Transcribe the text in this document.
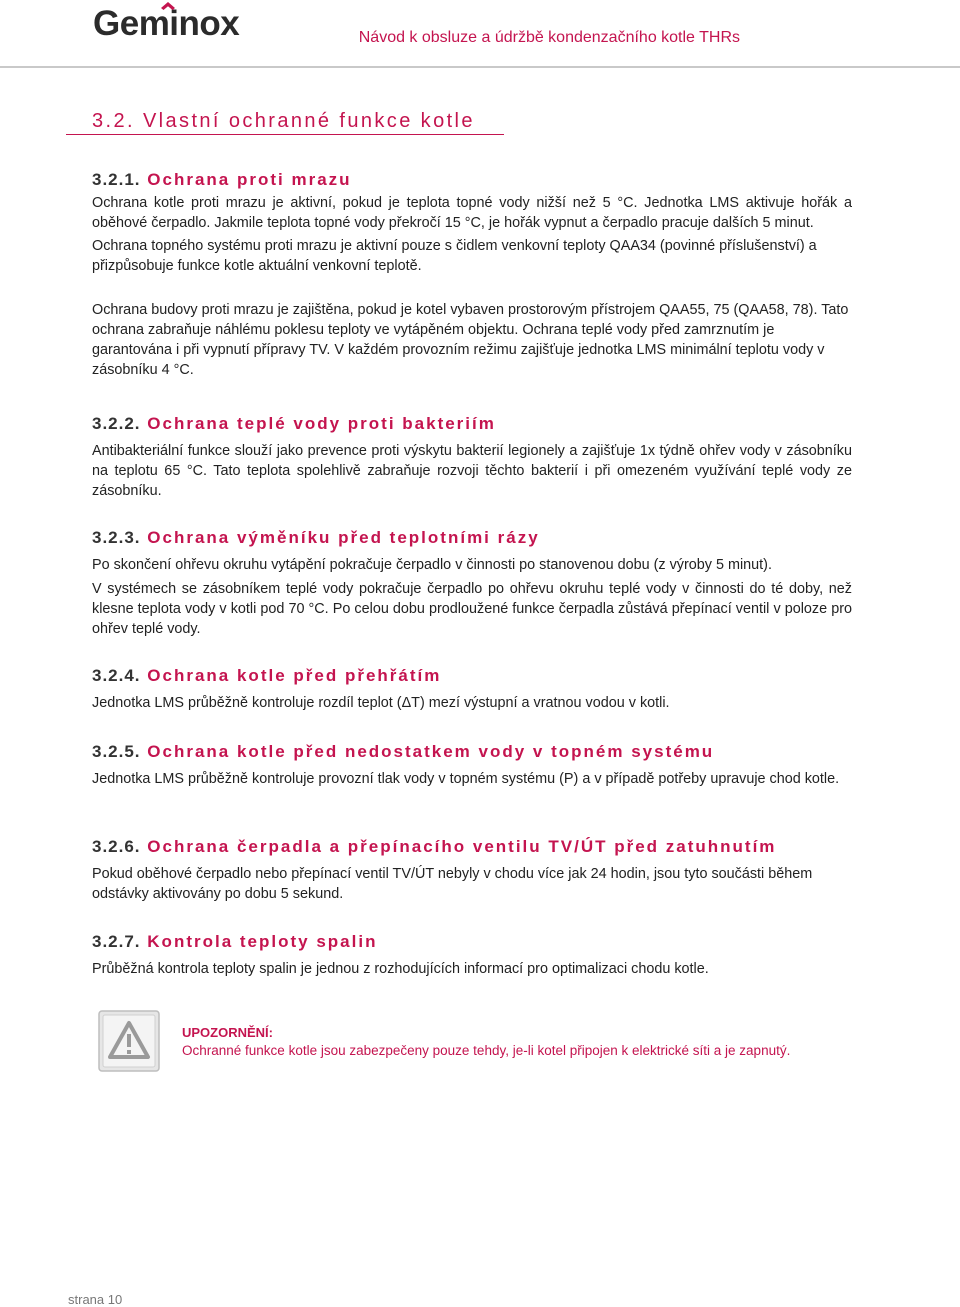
Geminox	Návod k obsluze a údržbě kondenzačního kotle THRs
3.2. Vlastní ochranné funkce kotle
3.2.1. Ochrana proti mrazu

Ochrana kotle proti mrazu je aktivní, pokud je teplota topné vody nižší než 5 °C. Jednotka LMS aktivuje hořák a oběhové čerpadlo. Jakmile teplota topné vody překročí 15 °C, je hořák vypnut a čerpadlo pracuje dalších 5 minut.

Ochrana topného systému proti mrazu je aktivní pouze s čidlem venkovní teploty QAA34 (povinné příslušenství) a přizpůsobuje funkce kotle aktuální venkovní teplotě.

Ochrana budovy proti mrazu je zajištěna, pokud je kotel vybaven prostorovým přístrojem QAA55, 75 (QAA58, 78). Tato ochrana zabraňuje náhlému poklesu teploty ve vytápěném objektu. Ochrana teplé vody před zamrznutím je garantována i při vypnutí přípravy TV. V každém provozním režimu zajišťuje jednotka LMS minimální teplotu vody v zásobníku 4 °C.

3.2.2. Ochrana teplé vody proti bakteriím

Antibakteriální funkce slouží jako prevence proti výskytu bakterií legionely a zajišťuje 1x týdně ohřev vody v zásobníku na teplotu 65 °C. Tato teplota spolehlivě zabraňuje rozvoji těchto bakterií i při omezeném využívání teplé vody ze zásobníku.

3.2.3. Ochrana výměníku před teplotními rázy

Po skončení ohřevu okruhu vytápění pokračuje čerpadlo v činnosti po stanovenou dobu (z výroby 5 minut).

V systémech se zásobníkem teplé vody pokračuje čerpadlo po ohřevu okruhu teplé vody v činnosti do té doby, než klesne teplota vody v kotli pod 70 °C. Po celou dobu prodloužené funkce čerpadla zůstává přepínací ventil v poloze pro ohřev teplé vody.

3.2.4. Ochrana kotle před přehřátím

Jednotka LMS průběžně kontroluje rozdíl teplot (ΔT) mezí výstupní a vratnou vodou v kotli.

3.2.5. Ochrana kotle před nedostatkem vody v topném systému

Jednotka LMS průběžně kontroluje provozní tlak vody v topném systému (P) a v případě potřeby upravuje chod kotle.

3.2.6. Ochrana čerpadla a přepínacího ventilu TV/ÚT před zatuhnutím

Pokud oběhové čerpadlo nebo přepínací ventil TV/ÚT nebyly v chodu více jak 24 hodin, jsou tyto součásti během odstávky aktivovány po dobu 5 sekund.

3.2.7. Kontrola teploty spalin

Průběžná kontrola teploty spalin je jednou z rozhodujících informací pro optimalizaci chodu kotle.

UPOZORNĚNÍ:
Ochranné funkce kotle jsou zabezpečeny pouze tehdy, je-li kotel připojen k elektrické síti a je zapnutý.
strana 10
